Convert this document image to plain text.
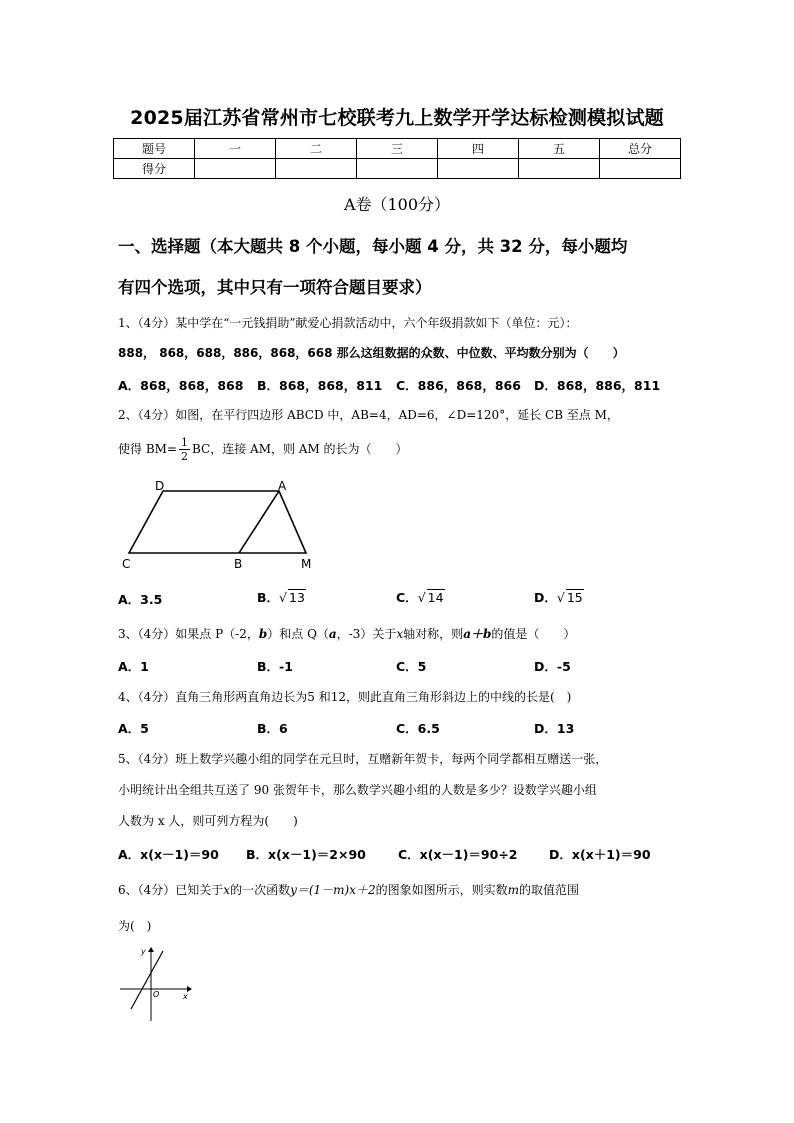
2025届江苏省常州市七校联考九上数学开学达标检测模拟试题
题号	一	二	三	四	五	总分
得分						
A卷（100分）
一、选择题（本大题共 8 个小题，每小题 4 分，共 32 分，每小题均
有四个选项，其中只有一项符合题目要求）
1、（4分）某中学在“一元钱捐助”献爱心捐款活动中，六个年级捐款如下（单位：元）：
888， 868，688，886，868，668 那么这组数据的众数、中位数、平均数分别为（　　）
A．868，868，868 B．868，868，811 C．886，868，866 D．868，886，811
2、（4分）如图，在平行四边形 ABCD 中，AB=4，AD=6，∠D=120°，延长 CB 至点 M，
使得 $BM= \frac{1}{2}$ BC，连接 AM，则 AM 的长为（　　）
D	A
C	B	M
A．3.5	B．√ 13	C．√ 14	D．√ 15
3、（4分）如果点 P（-2，b）和点 Q（a，-3）关于x轴对称，则a＋b的值是（　　）
A．1	B．-1	C．5	D．-5
4、（4分）直角三角形两直角边长为5 和12，则此直角三角形斜边上的中线的长是(　)
A．5	B．6	C．6.5	D．13
5、（4分）班上数学兴趣小组的同学在元旦时，互赠新年贺卡，每两个同学都相互赠送一张，
小明统计出全组共互送了 90 张贺年卡，那么数学兴趣小组的人数是多少？设数学兴趣小组
人数为 x 人，则可列方程为(　　)
A．x(x－1)＝90 B．x(x－1)＝2×90	C．x(x－1)＝90÷2	D．x(x＋1)＝90
6、（4分）已知关于x的一次函数y＝(1－m)x＋2的图象如图所示，则实数m的取值范围
为(　)
y
O	x
